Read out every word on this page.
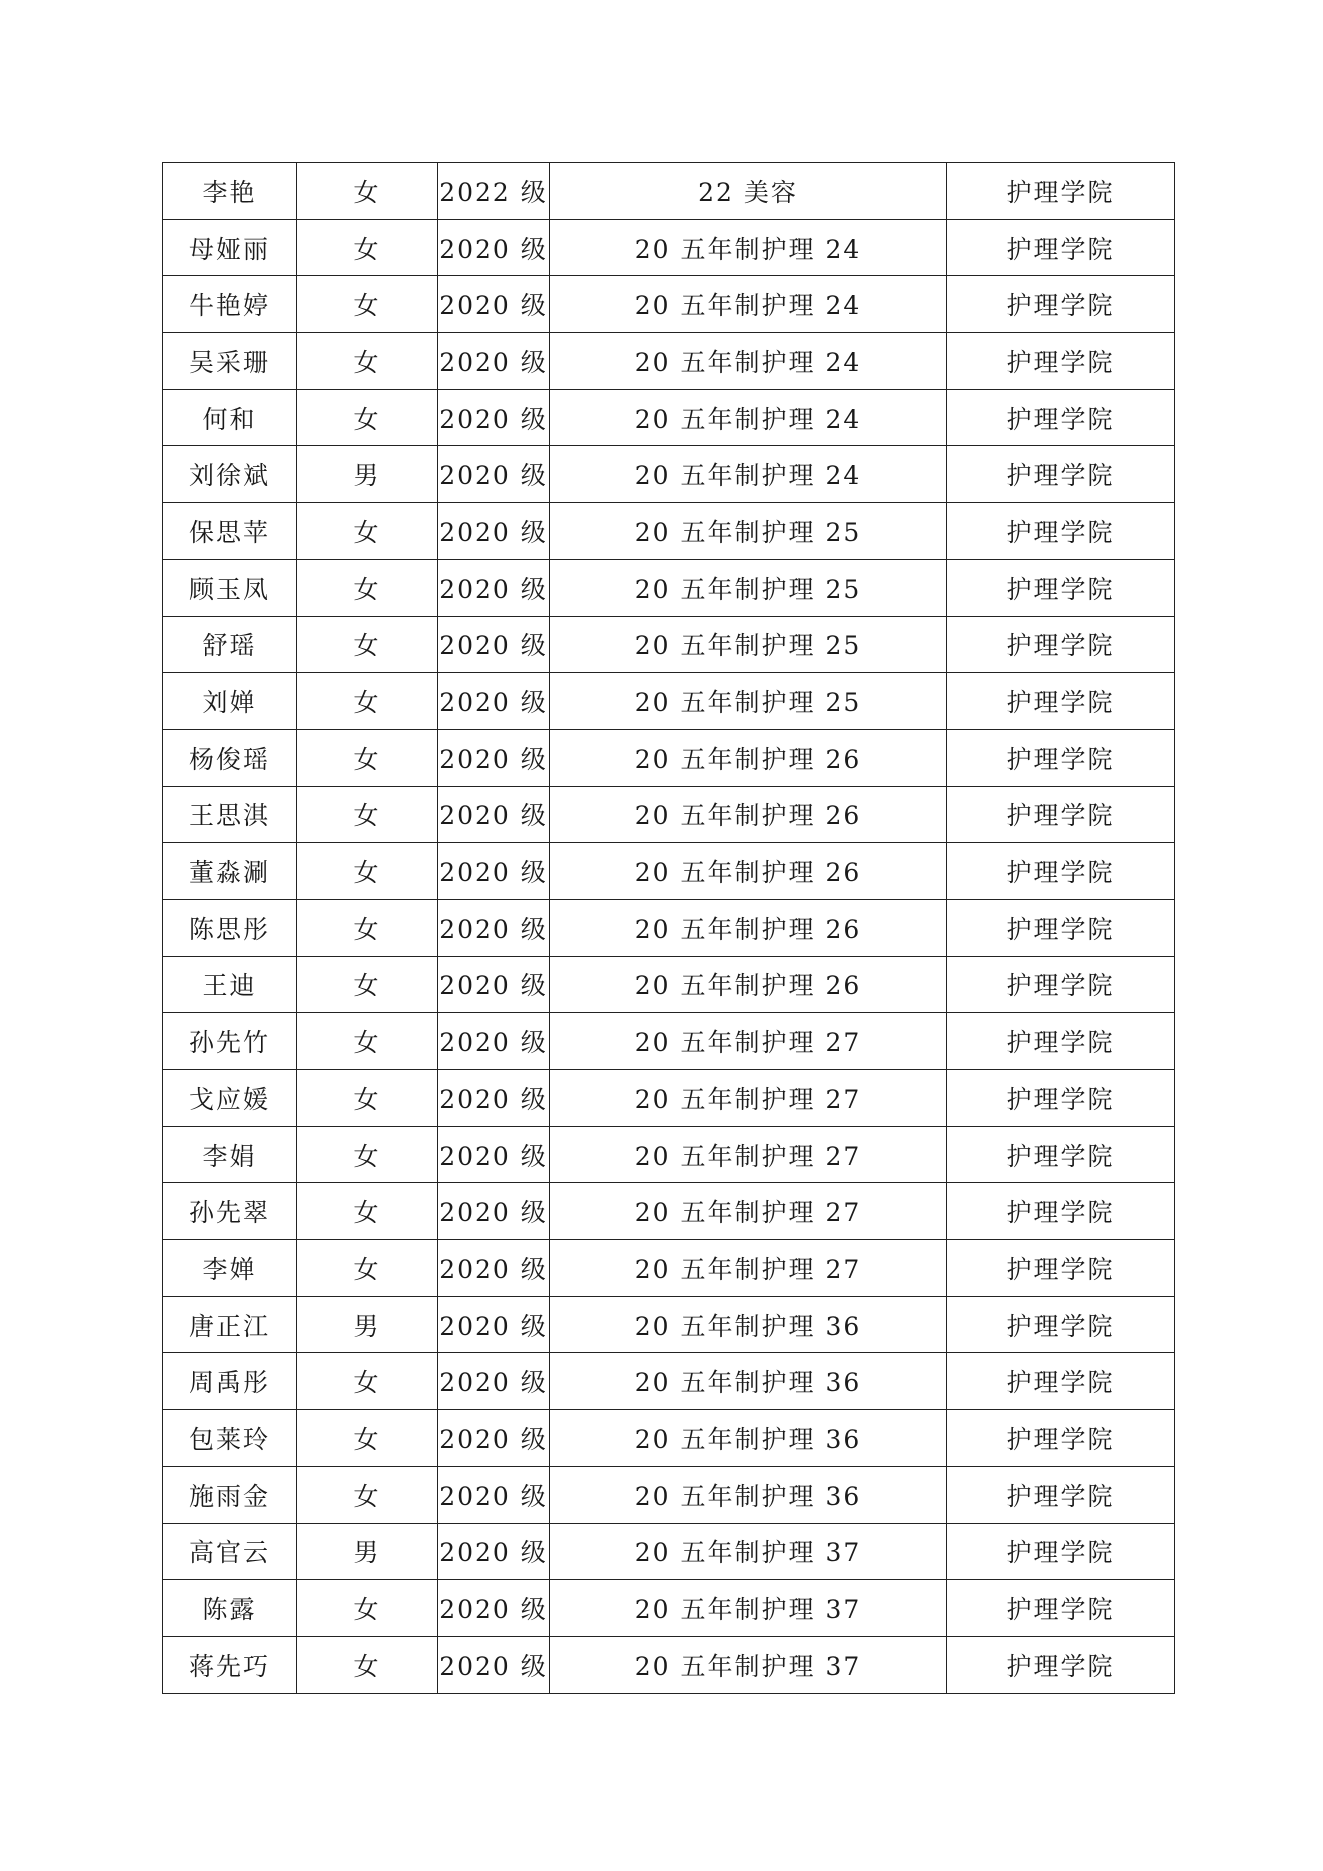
李艳	女	2022 级	22 美容	护理学院
母娅丽	女	2020 级	20 五年制护理 24	护理学院
牛艳婷	女	2020 级	20 五年制护理 24	护理学院
吴采珊	女	2020 级	20 五年制护理 24	护理学院
何和	女	2020 级	20 五年制护理 24	护理学院
刘徐斌	男	2020 级	20 五年制护理 24	护理学院
保思苹	女	2020 级	20 五年制护理 25	护理学院
顾玉凤	女	2020 级	20 五年制护理 25	护理学院
舒瑶	女	2020 级	20 五年制护理 25	护理学院
刘婵	女	2020 级	20 五年制护理 25	护理学院
杨俊瑶	女	2020 级	20 五年制护理 26	护理学院
王思淇	女	2020 级	20 五年制护理 26	护理学院
董淼涮	女	2020 级	20 五年制护理 26	护理学院
陈思彤	女	2020 级	20 五年制护理 26	护理学院
王迪	女	2020 级	20 五年制护理 26	护理学院
孙先竹	女	2020 级	20 五年制护理 27	护理学院
戈应媛	女	2020 级	20 五年制护理 27	护理学院
李娟	女	2020 级	20 五年制护理 27	护理学院
孙先翠	女	2020 级	20 五年制护理 27	护理学院
李婵	女	2020 级	20 五年制护理 27	护理学院
唐正江	男	2020 级	20 五年制护理 36	护理学院
周禹彤	女	2020 级	20 五年制护理 36	护理学院
包莱玲	女	2020 级	20 五年制护理 36	护理学院
施雨金	女	2020 级	20 五年制护理 36	护理学院
高官云	男	2020 级	20 五年制护理 37	护理学院
陈露	女	2020 级	20 五年制护理 37	护理学院
蒋先巧	女	2020 级	20 五年制护理 37	护理学院
